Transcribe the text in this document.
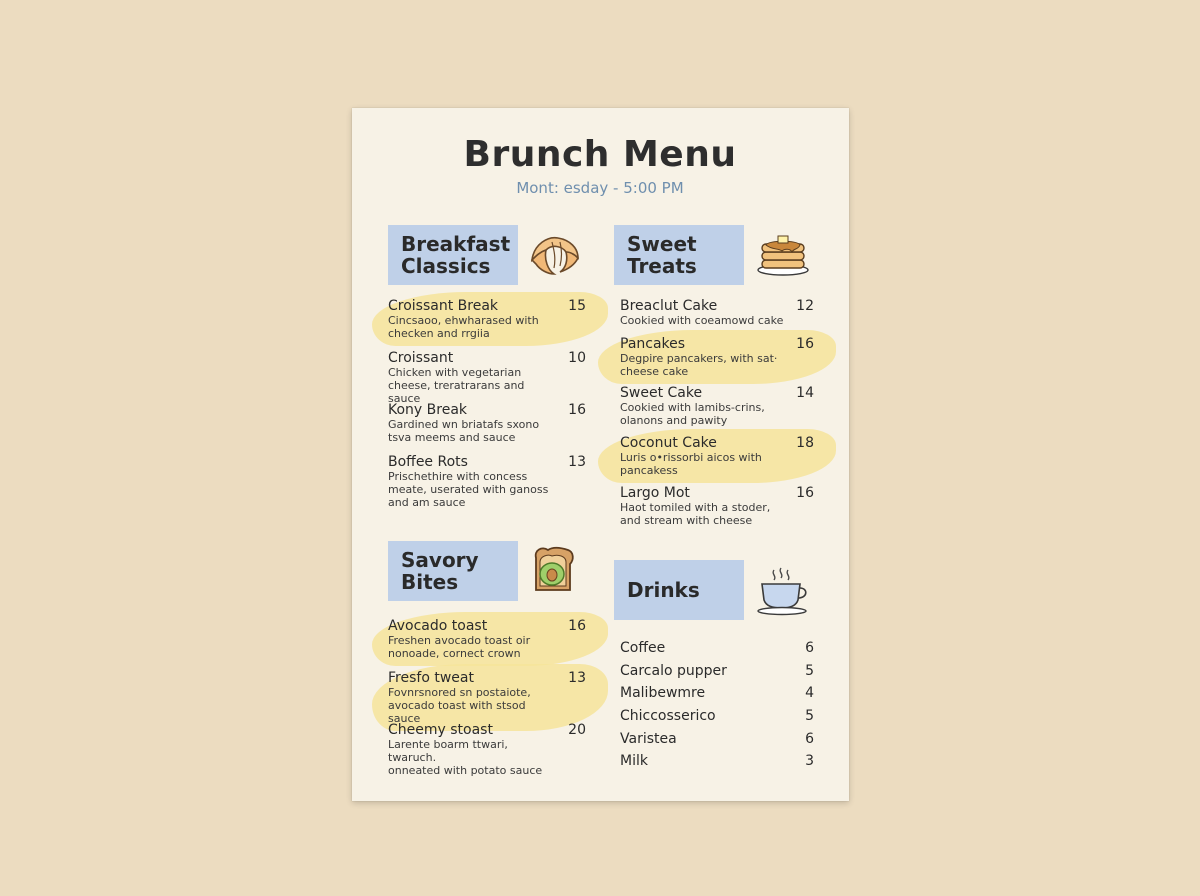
Brunch Menu
Mont: esday - 5:00 PM
Breakfast
Classics
Croissant Break	15
Cincsaoo, ehwharased with
checken and rrgiia
Croissant	10
Chicken with vegetarian
cheese, treratrarans and sauce
Kony Break	16
Gardined wn briatafs sxono
tsva meems and sauce
Boffee Rots	13
Prischethire with concess
meate, userated with ganoss
and am sauce
Savory
Bites
Avocado toast	16
Freshen avocado toast oir
nonoade, cornect crown
Fresfo tweat	13
Fovnrsnored sn postaiote,
avocado toast with stsod sauce
Cheemy stoast	20
Larente boarm ttwari, twaruch.
onneated with potato sauce
Sweet
Treats
Breaclut Cake	12
Cookied with coeamowd cake
Pancakes	16
Degpire pancakers, with sat·
cheese cake
Sweet Cake	14
Cookied with lamibs-crins,
olanons and pawity
Coconut Cake	18
Luris o•rissorbi aicos with
pancakess
Largo Mot	16
Haot tomiled with a stoder,
and stream with cheese
Drinks
Coffee	6
Carcalo pupper	5
Malibewmre	4
Chiccosserico	5
Varistea	6
Milk	3
